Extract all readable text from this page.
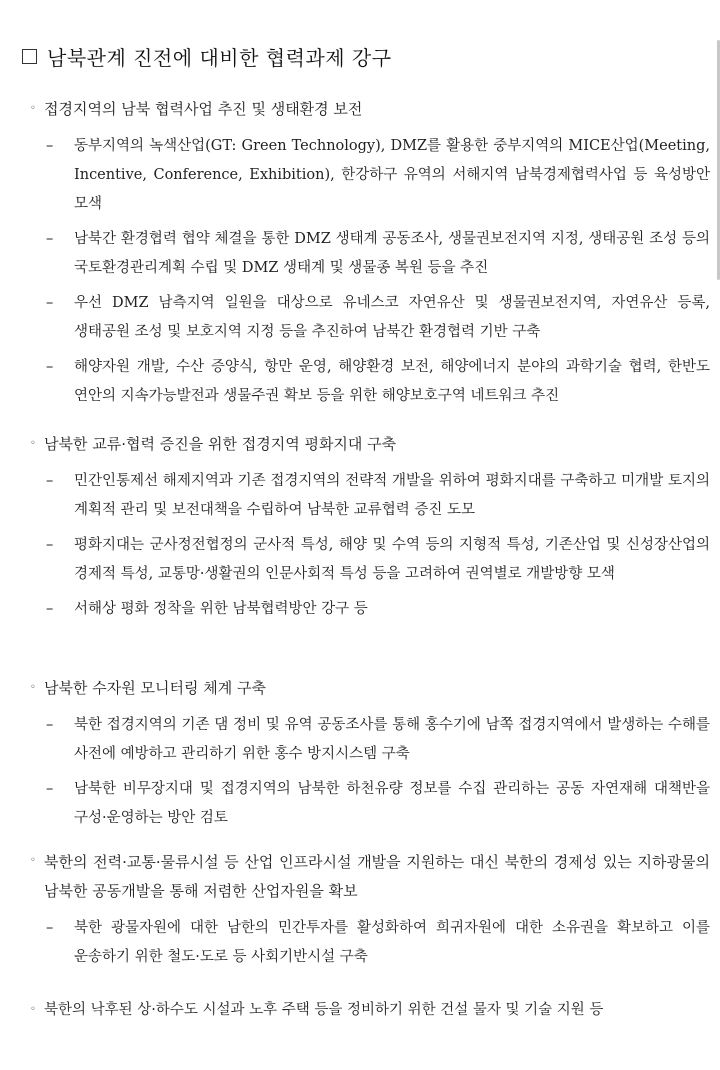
남북관계 진전에 대비한 협력과제 강구
◦ 접경지역의 남북 협력사업 추진 및 생태환경 보전
–	동부지역의 녹색산업(GT: Green Technology), DMZ를 활용한 중부지역의 MICE산업(Meeting, Incentive, Conference, Exhibition), 한강하구 유역의 서해지역 남북경제협력사업 등 육성방안 모색
–	남북간 환경협력 협약 체결을 통한 DMZ 생태계 공동조사, 생물권보전지역 지정, 생태공원 조성 등의 국토환경관리계획 수립 및 DMZ 생태계 및 생물종 복원 등을 추진
–	우선 DMZ 남측지역 일원을 대상으로 유네스코 자연유산 및 생물권보전지역, 자연유산 등록, 생태공원 조성 및 보호지역 지정 등을 추진하여 남북간 환경협력 기반 구축
–	해양자원 개발, 수산 증양식, 항만 운영, 해양환경 보전, 해양에너지 분야의 과학기술 협력, 한반도 연안의 지속가능발전과 생물주권 확보 등을 위한 해양보호구역 네트워크 추진
◦ 남북한 교류·협력 증진을 위한 접경지역 평화지대 구축
–	민간인통제선 해제지역과 기존 접경지역의 전략적 개발을 위하여 평화지대를 구축하고 미개발 토지의 계획적 관리 및 보전대책을 수립하여 남북한 교류협력 증진 도모
–	평화지대는 군사정전협정의 군사적 특성, 해양 및 수역 등의 지형적 특성, 기존산업 및 신성장산업의 경제적 특성, 교통망·생활권의 인문사회적 특성 등을 고려하여 권역별로 개발방향 모색
–	서해상 평화 정착을 위한 남북협력방안 강구 등
◦ 남북한 수자원 모니터링 체계 구축
–	북한 접경지역의 기존 댐 정비 및 유역 공동조사를 통해 홍수기에 남쪽 접경지역에서 발생하는 수해를 사전에 예방하고 관리하기 위한 홍수 방지시스템 구축
–	남북한 비무장지대 및 접경지역의 남북한 하천유량 정보를 수집 관리하는 공동 자연재해 대책반을 구성·운영하는 방안 검토
◦ 북한의 전력·교통·물류시설 등 산업 인프라시설 개발을 지원하는 대신 북한의 경제성 있는 지하광물의 남북한 공동개발을 통해 저렴한 산업자원을 확보
–	북한 광물자원에 대한 남한의 민간투자를 활성화하여 희귀자원에 대한 소유권을 확보하고 이를 운송하기 위한 철도·도로 등 사회기반시설 구축
◦ 북한의 낙후된 상·하수도 시설과 노후 주택 등을 정비하기 위한 건설 물자 및 기술 지원 등
